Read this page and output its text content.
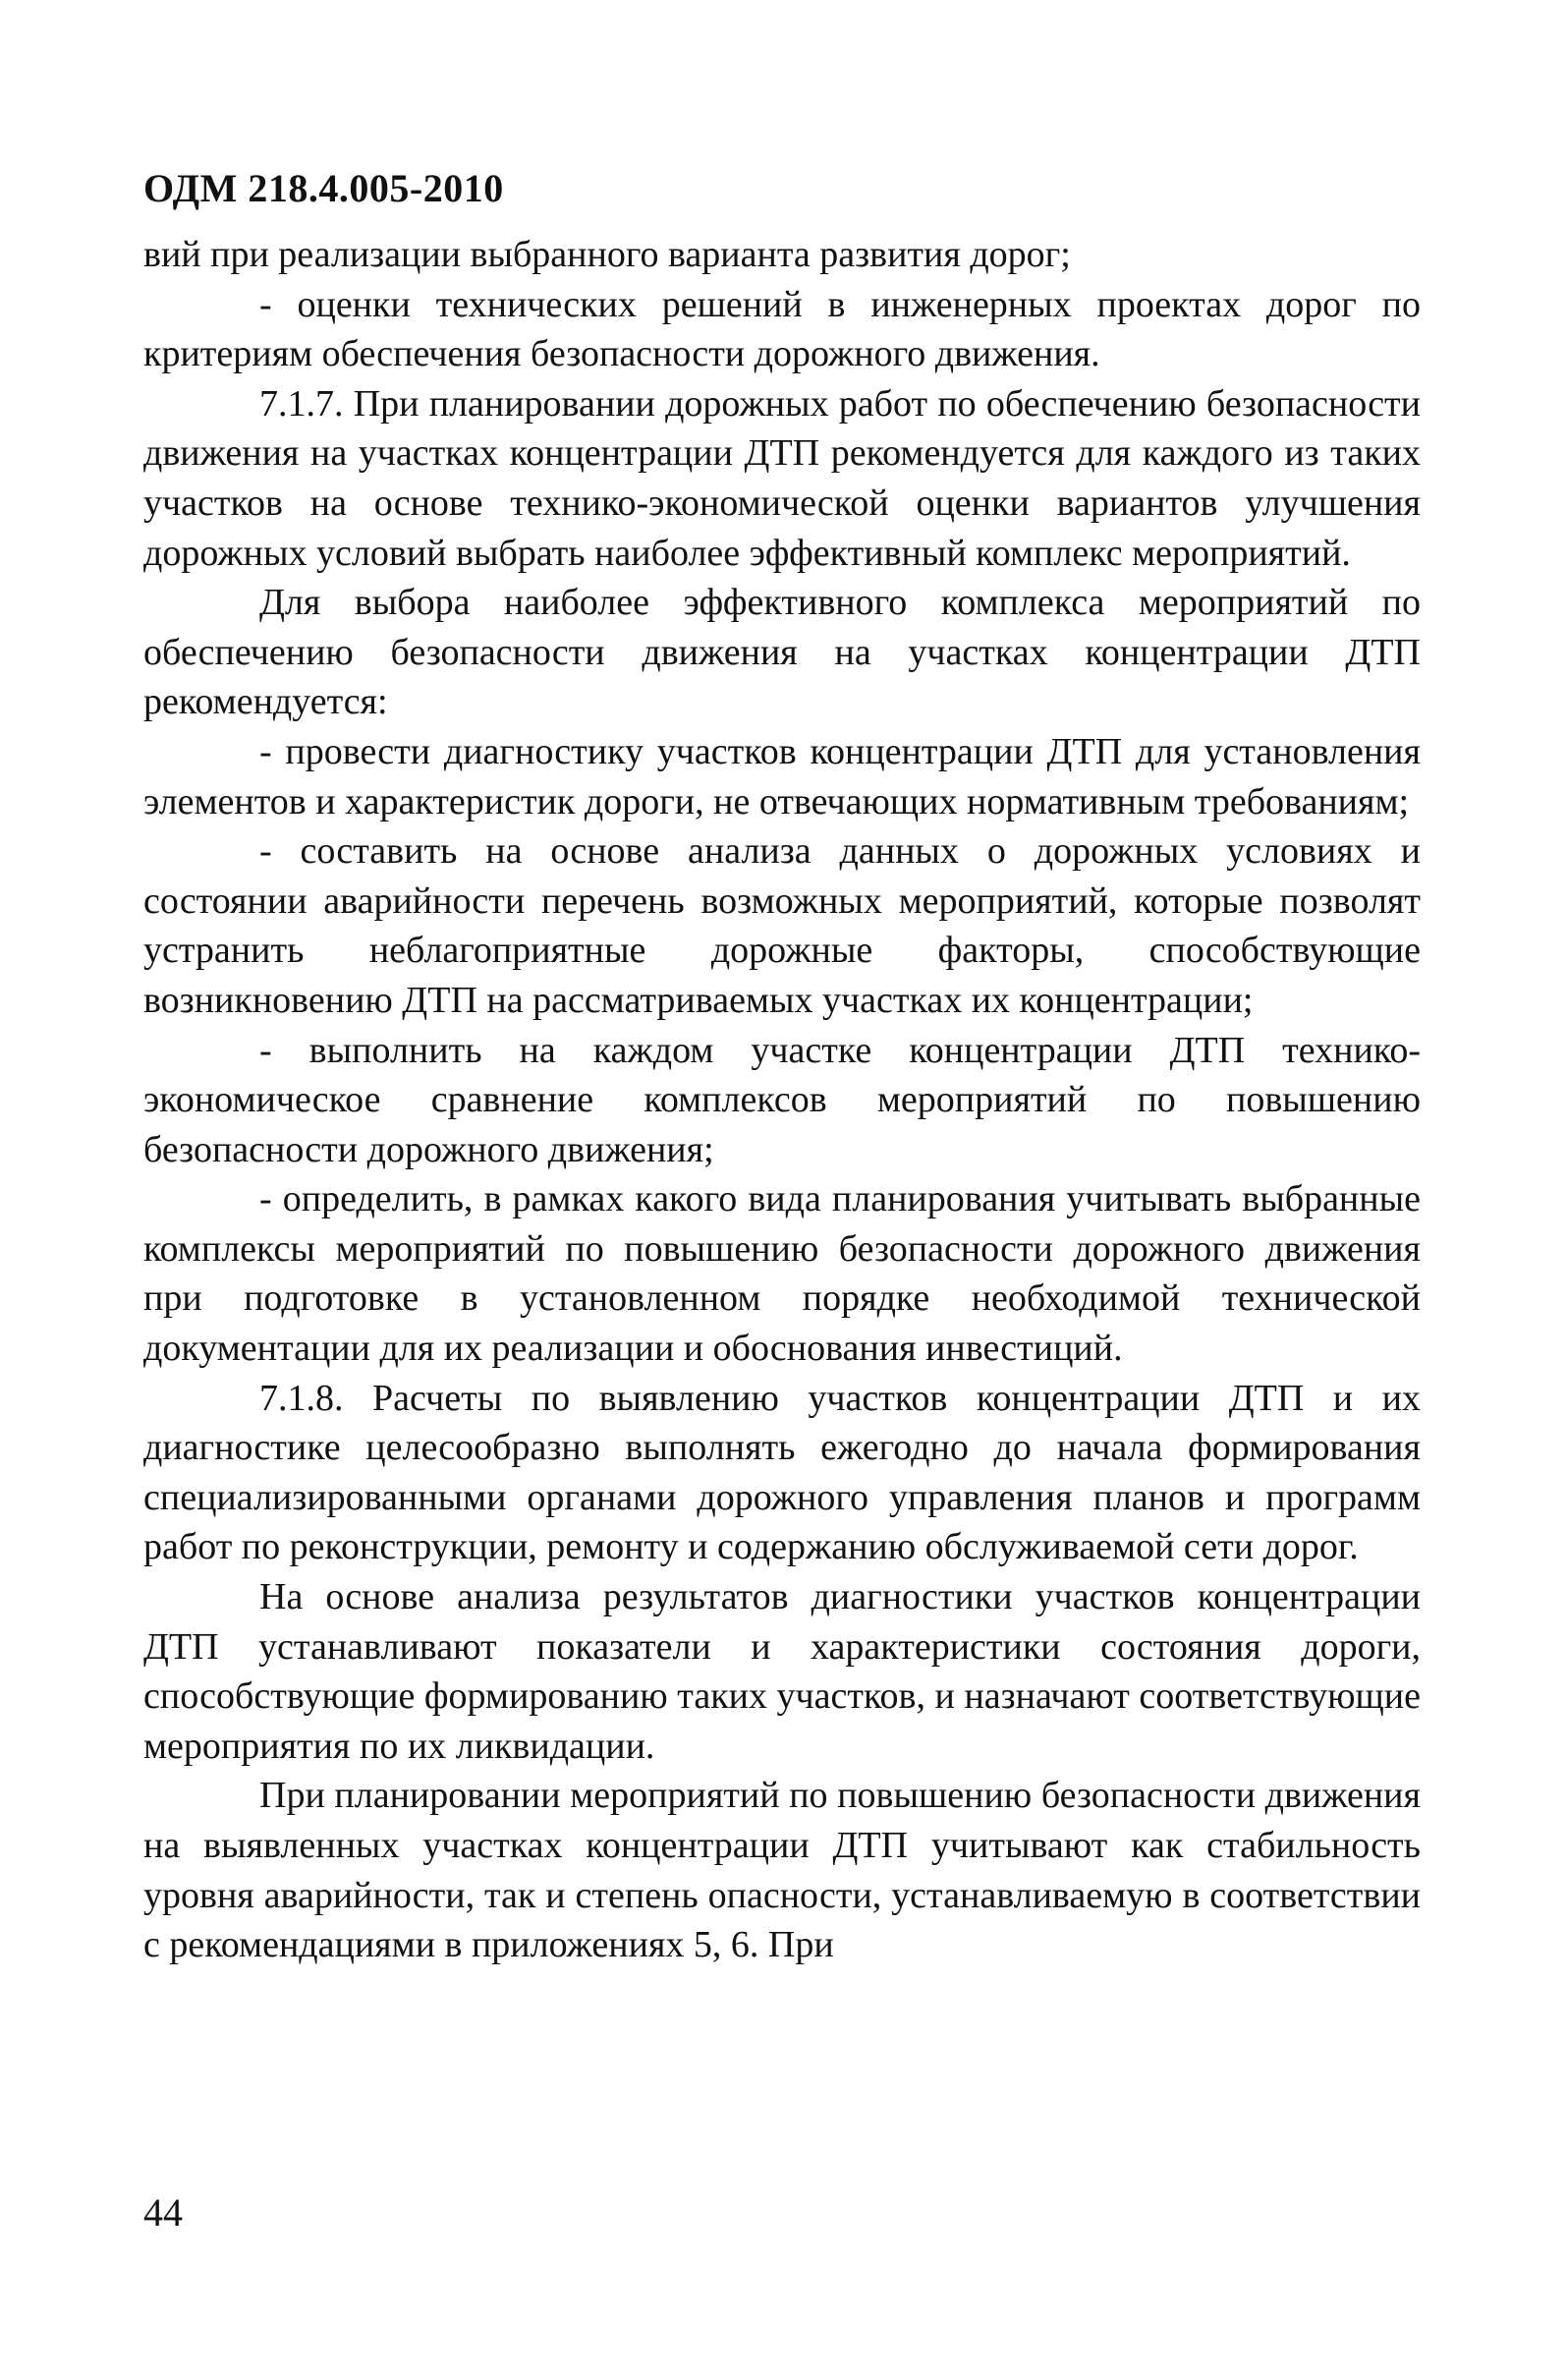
ОДМ 218.4.005-2010

вий при реализации выбранного варианта развития дорог;

- оценки технических решений в инженерных проектах дорог по критериям обеспечения безопасности дорожного движения.

7.1.7. При планировании дорожных работ по обеспечению безопасности движения на участках концентрации ДТП рекомендуется для каждого из таких участков на основе технико-экономической оценки вариантов улучшения дорожных условий выбрать наиболее эффективный комплекс мероприятий.

Для выбора наиболее эффективного комплекса мероприятий по обеспечению безопасности движения на участках концентрации ДТП рекомендуется:

- провести диагностику участков концентрации ДТП для установления элементов и характеристик дороги, не отвечающих нормативным требованиям;

- составить на основе анализа данных о дорожных условиях и состоянии аварийности перечень возможных мероприятий, которые позволят устранить неблагоприятные дорожные факторы, способствующие возникновению ДТП на рассматриваемых участках их концентрации;

- выполнить на каждом участке концентрации ДТП технико-экономическое сравнение комплексов мероприятий по повышению безопасности дорожного движения;

- определить, в рамках какого вида планирования учитывать выбранные комплексы мероприятий по повышению безопасности дорожного движения при подготовке в установленном порядке необходимой технической документации для их реализации и обоснования инвестиций.

7.1.8. Расчеты по выявлению участков концентрации ДТП и их диагностике целесообразно выполнять ежегодно до начала формирования специализированными органами дорожного управления планов и программ работ по реконструкции, ремонту и содержанию обслуживаемой сети дорог.

На основе анализа результатов диагностики участков концентрации ДТП устанавливают показатели и характеристики состояния дороги, способствующие формированию таких участков, и назначают соответствующие мероприятия по их ликвидации.

При планировании мероприятий по повышению безопасности движения на выявленных участках концентрации ДТП учитывают как стабильность уровня аварийности, так и степень опасности, устанавливаемую в соответствии с рекомендациями в приложениях 5, 6. При

44
